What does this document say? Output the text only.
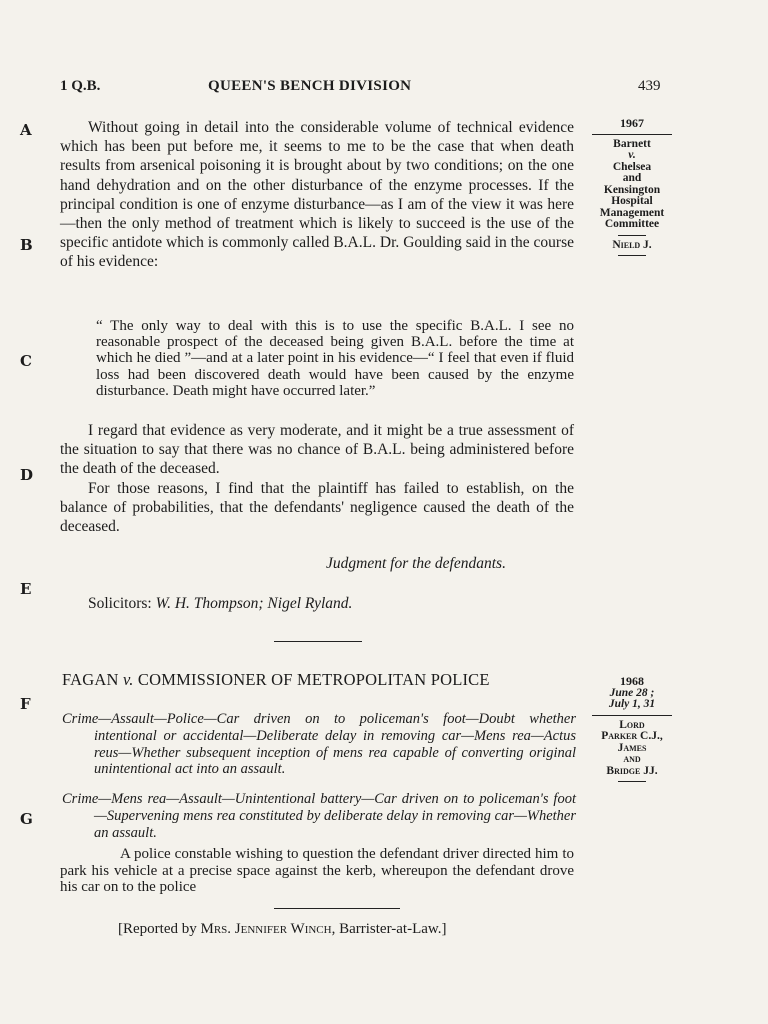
1 Q.B.	QUEEN'S BENCH DIVISION	439
A
B
C
D
E
F
G
1967
Barnett
v.
Chelsea
and
Kensington
Hospital
Management
Committee
Nield J.

Without going in detail into the considerable volume of technical evidence which has been put before me, it seems to me to be the case that when death results from arsenical poisoning it is brought about by two conditions; on the one hand dehydration and on the other disturbance of the enzyme processes. If the principal condition is one of enzyme disturbance—as I am of the view it was here—then the only method of treatment which is likely to succeed is the use of the specific antidote which is commonly called B.A.L. Dr. Goulding said in the course of his evidence:

“ The only way to deal with this is to use the specific B.A.L. I see no reasonable prospect of the deceased being given B.A.L. before the time at which he died ”—and at a later point in his evidence—“ I feel that even if fluid loss had been discovered death would have been caused by the enzyme disturbance. Death might have occurred later.”

I regard that evidence as very moderate, and it might be a true assessment of the situation to say that there was no chance of B.A.L. being administered before the death of the deceased.

For those reasons, I find that the plaintiff has failed to establish, on the balance of probabilities, that the defendants' negligence caused the death of the deceased.

Judgment for the defendants.
Solicitors: W. H. Thompson; Nigel Ryland.
FAGAN v. COMMISSIONER OF METROPOLITAN POLICE	1968
June 28 ;
July 1, 31
Lord
Parker C.J.,
James
and
Bridge JJ.

Crime—Assault—Police—Car driven on to policeman's foot—Doubt whether intentional or accidental—Deliberate delay in removing car—Mens rea—Actus reus—Whether subsequent inception of mens rea capable of converting original unintentional act into an assault.

Crime—Mens rea—Assault—Unintentional battery—Car driven on to policeman's foot—Supervening mens rea constituted by deliberate delay in removing car—Whether an assault.

A police constable wishing to question the defendant driver directed him to park his vehicle at a precise space against the kerb, whereupon the defendant drove his car on to the police

[Reported by Mrs. Jennifer Winch, Barrister-at-Law.]
